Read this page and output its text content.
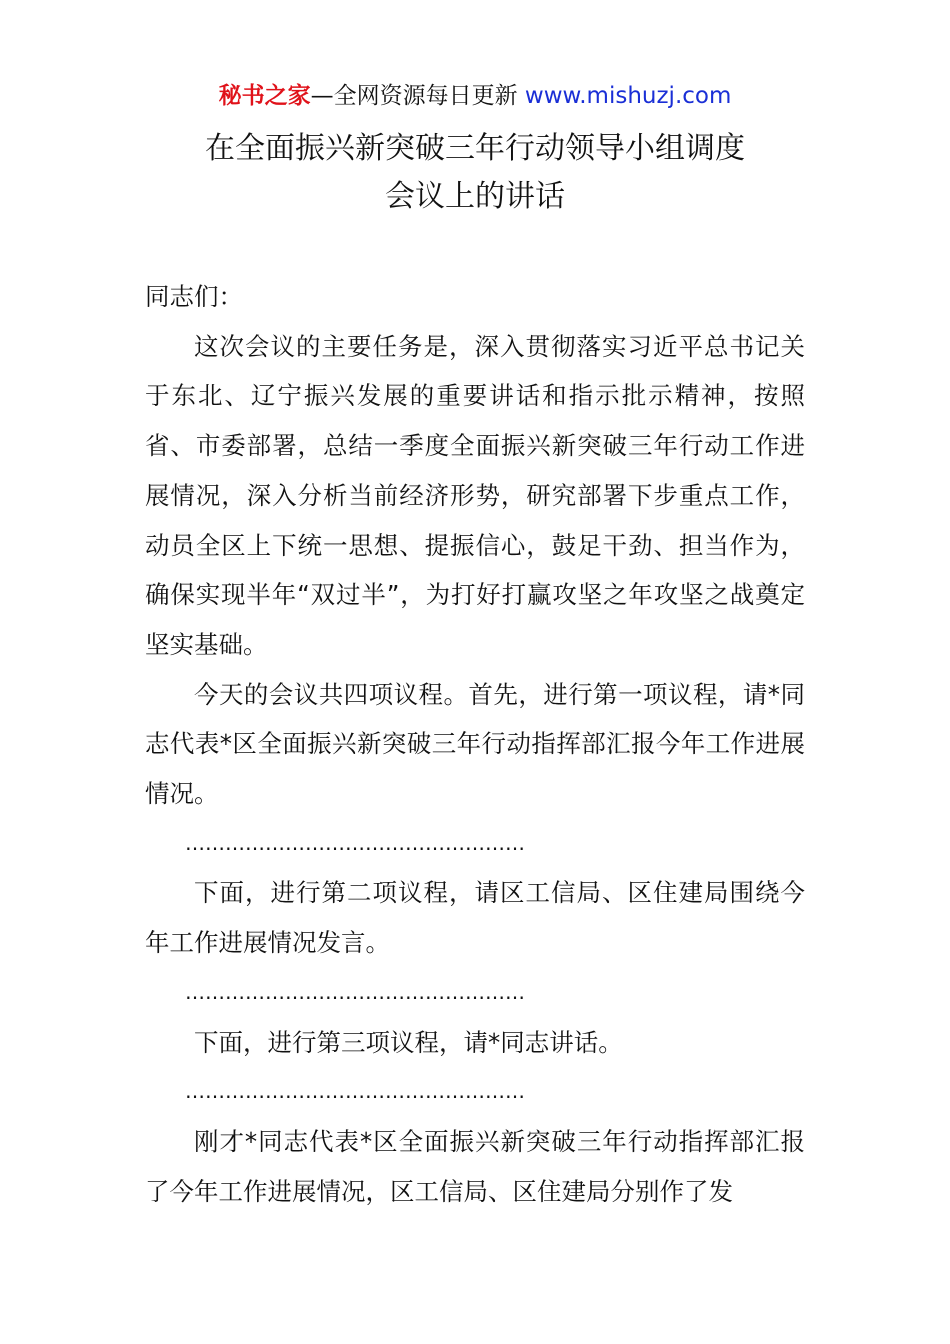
秘书之家—全网资源每日更新 www.mishuzj.com
在全面振兴新突破三年行动领导小组调度
会议上的讲话

同志们：

这次会议的主要任务是，深入贯彻落实习近平总书记关于东北、辽宁振兴发展的重要讲话和指示批示精神，按照省、市委部署，总结一季度全面振兴新突破三年行动工作进展情况，深入分析当前经济形势，研究部署下步重点工作，动员全区上下统一思想、提振信心，鼓足干劲、担当作为，确保实现半年“双过半”，为打好打赢攻坚之年攻坚之战奠定坚实基础。

今天的会议共四项议程。首先，进行第一项议程，请*同志代表*区全面振兴新突破三年行动指挥部汇报今年工作进展情况。

……………………………………………

下面，进行第二项议程，请区工信局、区住建局围绕今年工作进展情况发言。

……………………………………………

下面，进行第三项议程，请*同志讲话。

……………………………………………

刚才*同志代表*区全面振兴新突破三年行动指挥部汇报了今年工作进展情况，区工信局、区住建局分别作了发
